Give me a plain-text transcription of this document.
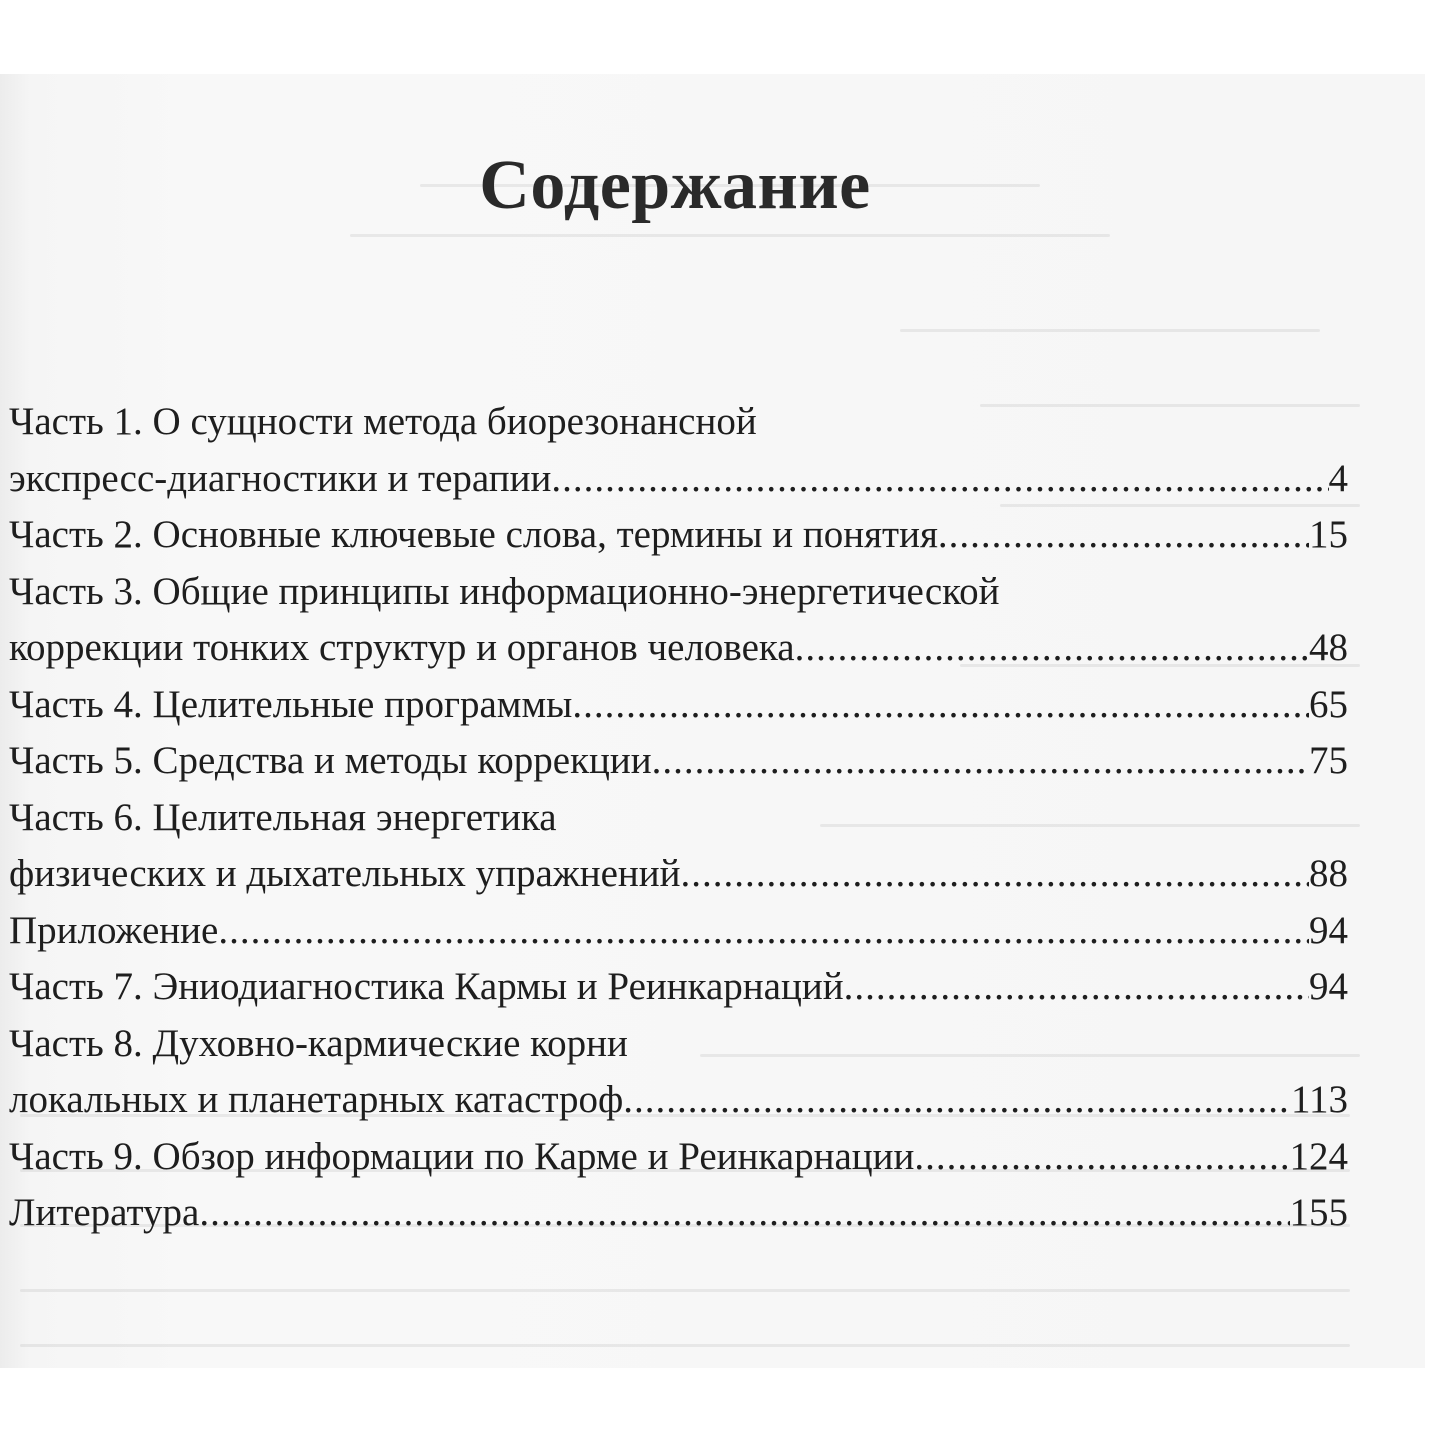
Содержание
Часть 1. О сущности метода биорезонансной
экспресс-диагностики и терапии .....	4
Часть 2. Основные ключевые слова, термины и понятия .....	15
Часть 3. Общие принципы информационно-энергетической
коррекции тонких структур и органов человека .....	48
Часть 4. Целительные программы .....	65
Часть 5. Средства и методы коррекции .....	75
Часть 6. Целительная энергетика
физических и дыхательных упражнений .....	88
Приложение .....	94
Часть 7. Эниодиагностика Кармы и Реинкарнаций .....	94
Часть 8. Духовно-кармические корни
локальных и планетарных катастроф .....	113
Часть 9. Обзор информации по Карме и Реинкарнации .....	124
Литература .....	155
